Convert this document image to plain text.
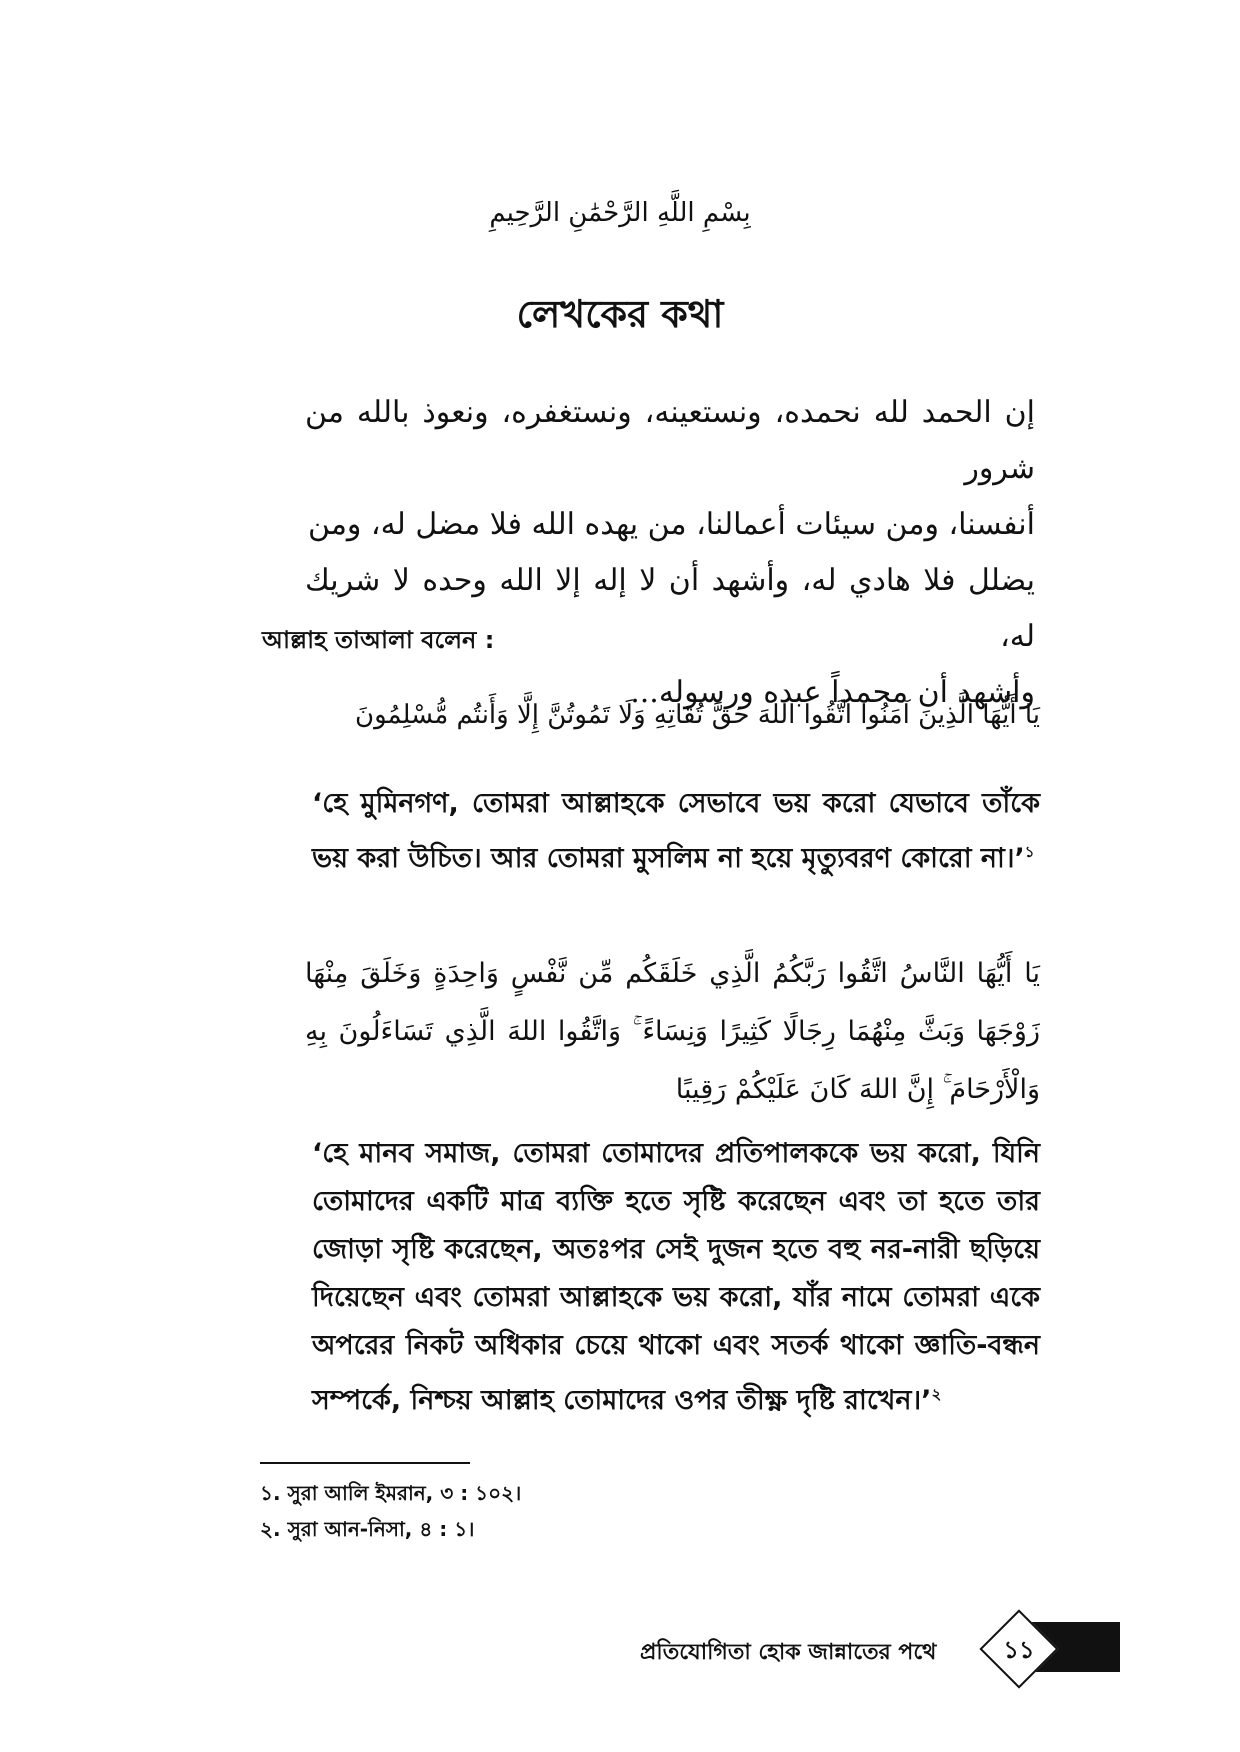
بِسْمِ اللَّهِ الرَّحْمَٰنِ الرَّحِيمِ
লেখকের কথা

إن الحمد لله نحمده، ونستعينه، ونستغفره، ونعوذ بالله من شرور

أنفسنا، ومن سيئات أعمالنا، من يهده الله فلا مضل له، ومن

يضلل فلا هادي له، وأشهد أن لا إله إلا الله وحده لا شريك له،

وأشهد أن محمداً عبده ورسوله...

আল্লাহ তাআলা বলেন :
يَا أَيُّهَا الَّذِينَ آمَنُوا اتَّقُوا اللهَ حَقَّ تُقَاتِهِ وَلَا تَمُوتُنَّ إِلَّا وَأَنتُم مُّسْلِمُونَ
‘হে মুমিনগণ, তোমরা আল্লাহকে সেভাবে ভয় করো যেভাবে তাঁকে ভয় করা উচিত। আর তোমরা মুসলিম না হয়ে মৃত্যুবরণ কোরো না।’$^১$
يَا أَيُّهَا النَّاسُ اتَّقُوا رَبَّكُمُ الَّذِي خَلَقَكُم مِّن نَّفْسٍ وَاحِدَةٍ وَخَلَقَ مِنْهَا زَوْجَهَا وَبَثَّ مِنْهُمَا رِجَالًا كَثِيرًا وَنِسَاءً ۚ وَاتَّقُوا اللهَ الَّذِي تَسَاءَلُونَ بِهِ وَالْأَرْحَامَ ۚ إِنَّ اللهَ كَانَ عَلَيْكُمْ رَقِيبًا
‘হে মানব সমাজ, তোমরা তোমাদের প্রতিপালককে ভয় করো, যিনি তোমাদের একটি মাত্র ব্যক্তি হতে সৃষ্টি করেছেন এবং তা হতে তার জোড়া সৃষ্টি করেছেন, অতঃপর সেই দুজন হতে বহু নর-নারী ছড়িয়ে দিয়েছেন এবং তোমরা আল্লাহকে ভয় করো, যাঁর নামে তোমরা একে অপরের নিকট অধিকার চেয়ে থাকো এবং সতর্ক থাকো জ্ঞাতি-বন্ধন সম্পর্কে, নিশ্চয় আল্লাহ তোমাদের ওপর তীক্ষ্ণ দৃষ্টি রাখেন।’$^২$
১. সুরা আলি ইমরান, ৩ : ১০২।
২. সুরা আন-নিসা, ৪ : ১।
প্রতিযোগিতা হোক জান্নাতের পথে	১১
